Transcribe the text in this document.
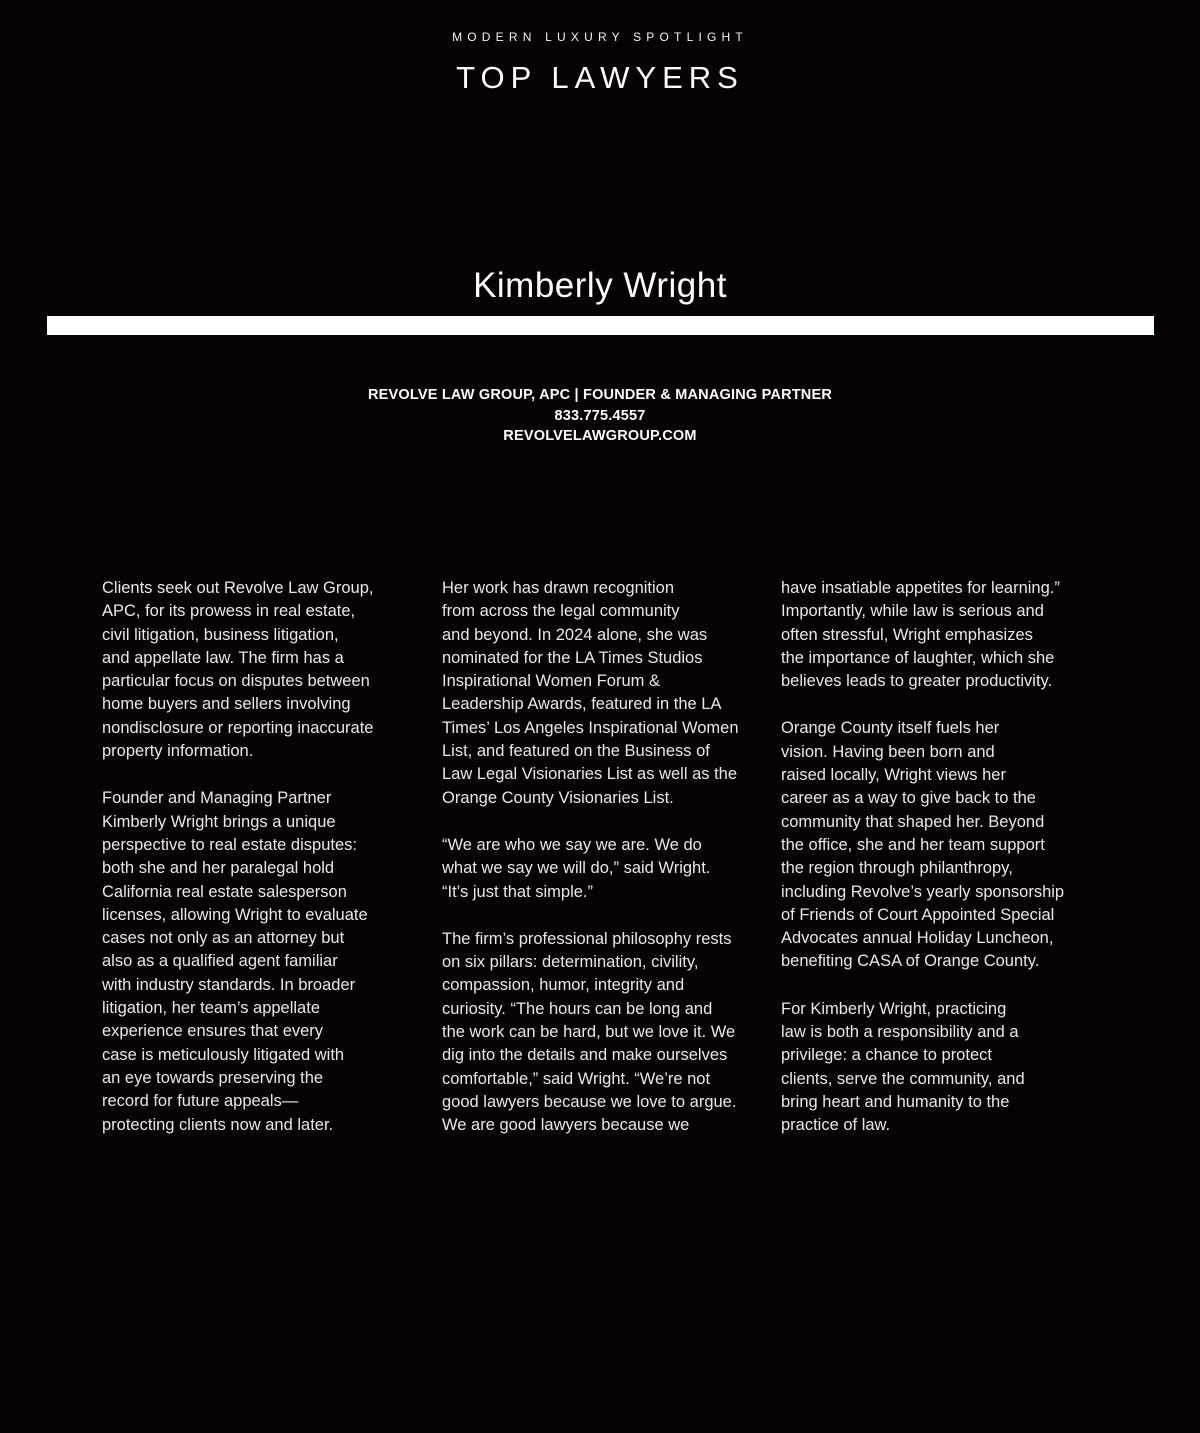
MODERN LUXURY SPOTLIGHT
TOP LAWYERS
Kimberly Wright
REVOLVE LAW GROUP, APC | FOUNDER & MANAGING PARTNER
833.775.4557
REVOLVELAWGROUP.COM

Clients seek out Revolve Law Group,
APC, for its prowess in real estate,
civil litigation, business litigation,
and appellate law. The firm has a
particular focus on disputes between
home buyers and sellers involving
nondisclosure or reporting inaccurate
property information.

Founder and Managing Partner
Kimberly Wright brings a unique
perspective to real estate disputes:
both she and her paralegal hold
California real estate salesperson
licenses, allowing Wright to evaluate
cases not only as an attorney but
also as a qualified agent familiar
with industry standards. In broader
litigation, her team’s appellate
experience ensures that every
case is meticulously litigated with
an eye towards preserving the
record for future appeals—
protecting clients now and later.

Her work has drawn recognition
from across the legal community
and beyond. In 2024 alone, she was
nominated for the LA Times Studios
Inspirational Women Forum &
Leadership Awards, featured in the LA
Times’ Los Angeles Inspirational Women
List, and featured on the Business of
Law Legal Visionaries List as well as the
Orange County Visionaries List.

“We are who we say we are. We do
what we say we will do,” said Wright.
“It’s just that simple.”

The firm’s professional philosophy rests
on six pillars: determination, civility,
compassion, humor, integrity and
curiosity. “The hours can be long and
the work can be hard, but we love it. We
dig into the details and make ourselves
comfortable,” said Wright. “We’re not
good lawyers because we love to argue.
We are good lawyers because we

have insatiable appetites for learning.”
Importantly, while law is serious and
often stressful, Wright emphasizes
the importance of laughter, which she
believes leads to greater productivity.

Orange County itself fuels her
vision. Having been born and
raised locally, Wright views her
career as a way to give back to the
community that shaped her. Beyond
the office, she and her team support
the region through philanthropy,
including Revolve’s yearly sponsorship
of Friends of Court Appointed Special
Advocates annual Holiday Luncheon,
benefiting CASA of Orange County.

For Kimberly Wright, practicing
law is both a responsibility and a
privilege: a chance to protect
clients, serve the community, and
bring heart and humanity to the
practice of law.
